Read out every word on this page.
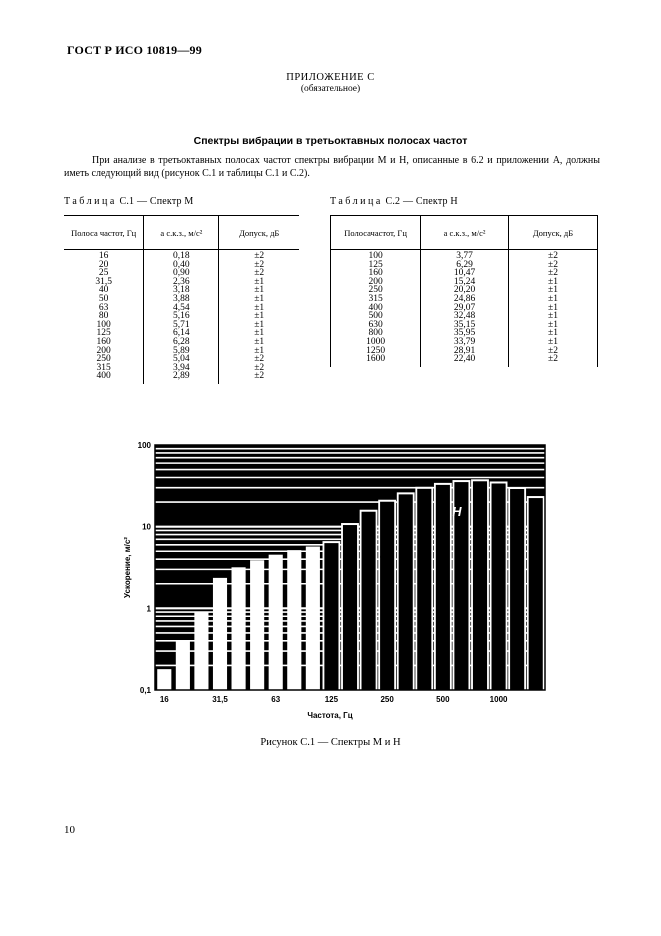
ГОСТ Р ИСО 10819—99
ПРИЛОЖЕНИЕ С
(обязательное)
Спектры вибрации в третьоктавных полосах частот
При анализе в третьоктавных полосах частот спектры вибрации M и H, описанные в 6.2 и приложении А, должны иметь следующий вид (рисунок С.1 и таблицы С.1 и С.2).
Таблица С.1 — Спектр M	Таблица С.2 — Спектр H
Полоса частот, Гц	a с.к.з., м/с²	Допуск, дБ
16	0,18	±2
20	0,40	±2
25	0,90	±2
31,5	2,36	±1
40	3,18	±1
50	3,88	±1
63	4,54	±1
80	5,16	±1
100	5,71	±1
125	6,14	±1
160	6,28	±1
200	5,89	±1
250	5,04	±2
315	3,94	±2
400	2,89	±2
Полосачастот, Гц	a с.к.з., м/с²	Допуск, дБ
100	3,77	±2
125	6,29	±2
160	10,47	±2
200	15,24	±1
250	20,20	±1
315	24,86	±1
400	29,07	±1
500	32,48	±1
630	35,15	±1
800	35,95	±1
1000	33,79	±1
1250	28,91	±2
1600	22,40	±2
M
H
0,1
1
10
100
16	31,5	63	125	250	500	1000
Частота, Гц
Ускорение, м/с²
Рисунок С.1 — Спектры M и H
10
